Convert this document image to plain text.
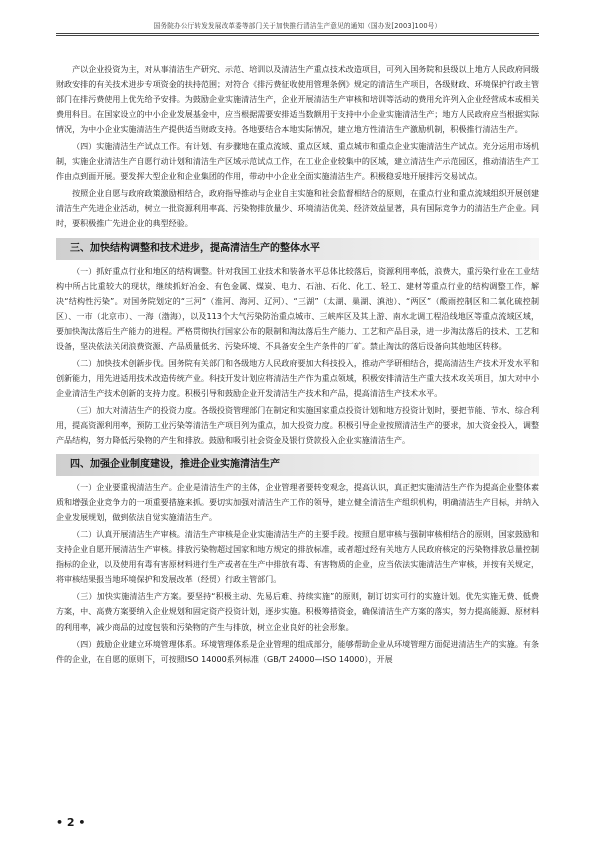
国务院办公厅转发发展改革委等部门关于加快推行清洁生产意见的通知（国办发[2003]100号）

产以企业投资为主，对从事清洁生产研究、示范、培训以及清洁生产重点技术改造项目，可列入国务院和县级以上地方人民政府同级财政安排的有关技术进步专项资金的扶持范围；对符合《排污费征收使用管理条例》规定的清洁生产项目，各级财政、环境保护行政主管部门在排污费使用上优先给予安排。为鼓励企业实施清洁生产，企业开展清洁生产审核和培训等活动的费用允许列入企业经营成本或相关费用科目。在国家设立的中小企业发展基金中，应当根据需要安排适当数额用于支持中小企业实施清洁生产；地方人民政府应当根据实际情况，为中小企业实施清洁生产提供适当财政支持。各地要结合本地实际情况，建立地方性清洁生产激励机制，积极推行清洁生产。

（四）实施清洁生产试点工作。有计划、有步骤地在重点流域、重点区域、重点城市和重点企业实施清洁生产试点。充分运用市场机制，实施企业清洁生产自愿行动计划和清洁生产区域示范试点工作，在工业企业较集中的区域，建立清洁生产示范园区，推动清洁生产工作由点到面开展。要发挥大型企业和企业集团的作用，带动中小企业全面实施清洁生产。积极稳妥地开展排污交易试点。

按照企业自愿与政府政策激励相结合，政府指导推动与企业自主实施和社会监督相结合的原则，在重点行业和重点流域组织开展创建清洁生产先进企业活动，树立一批资源利用率高、污染物排放量少、环境清洁优美、经济效益显著，具有国际竞争力的清洁生产企业。同时，要积极推广先进企业的典型经验。

三、加快结构调整和技术进步，提高清洁生产的整体水平

（一）抓好重点行业和地区的结构调整。针对我国工业技术和装备水平总体比较落后，资源利用率低，浪费大，重污染行业在工业结构中所占比重较大的现状，继续抓好冶金、有色金属、煤炭、电力、石油、石化、化工、轻工、建材等重点行业的结构调整工作，解决“结构性污染”。对国务院划定的“三河”（淮河、海河、辽河）、“三湖”（太湖、巢湖、滇池）、“两区”（酸雨控制区和二氧化硫控制区）、一市（北京市）、一海（渤海），以及113个大气污染防治重点城市、三峡库区及其上游、南水北调工程沿线地区等重点流域区域，要加快淘汰落后生产能力的进程。严格贯彻执行国家公布的限制和淘汰落后生产能力、工艺和产品目录，进一步淘汰落后的技术、工艺和设备，坚决依法关闭浪费资源、产品质量低劣、污染环境、不具备安全生产条件的厂矿。禁止淘汰的落后设备向其他地区转移。

（二）加快技术创新步伐。国务院有关部门和各级地方人民政府要加大科技投入，推动产学研相结合，提高清洁生产技术开发水平和创新能力，用先进适用技术改造传统产业。科技开发计划应将清洁生产作为重点领域，积极安排清洁生产重大技术攻关项目，加大对中小企业清洁生产技术创新的支持力度。积极引导和鼓励企业开发清洁生产技术和产品，提高清洁生产技术水平。

（三）加大对清洁生产的投资力度。各级投资管理部门在制定和实施国家重点投资计划和地方投资计划时，要把节能、节水、综合利用，提高资源利用率，预防工业污染等清洁生产项目列为重点，加大投资力度。积极引导企业按照清洁生产的要求，加大资金投入，调整产品结构，努力降低污染物的产生和排放。鼓励和吸引社会资金及银行贷款投入企业实施清洁生产。

四、加强企业制度建设，推进企业实施清洁生产

（一）企业要重视清洁生产。企业是清洁生产的主体，企业管理者要转变观念，提高认识，真正把实施清洁生产作为提高企业整体素质和增强企业竞争力的一项重要措施来抓。要切实加强对清洁生产工作的领导，建立健全清洁生产组织机构，明确清洁生产目标，并纳入企业发展规划，做到依法自觉实施清洁生产。

（二）认真开展清洁生产审核。清洁生产审核是企业实施清洁生产的主要手段。按照自愿审核与强制审核相结合的原则，国家鼓励和支持企业自愿开展清洁生产审核。排放污染物超过国家和地方规定的排放标准，或者超过经有关地方人民政府核定的污染物排放总量控制指标的企业，以及使用有毒有害原材料进行生产或者在生产中排放有毒、有害物质的企业，应当依法实施清洁生产审核，并按有关规定，将审核结果报当地环境保护和发展改革（经贸）行政主管部门。

（三）加快实施清洁生产方案。要坚持“积极主动、先易后难、持续实施”的原则，制订切实可行的实施计划。优先实施无费、低费方案，中、高费方案要纳入企业规划和固定资产投资计划，逐步实施。积极筹措资金，确保清洁生产方案的落实，努力提高能源、原材料的利用率，减少商品的过度包装和污染物的产生与排放，树立企业良好的社会形象。

（四）鼓励企业建立环境管理体系。环境管理体系是企业管理的组成部分，能够帮助企业从环境管理方面促进清洁生产的实施。有条件的企业，在自愿的原则下，可按照ISO 14000系列标准（GB/T 24000—ISO 14000），开展

• 2 •
